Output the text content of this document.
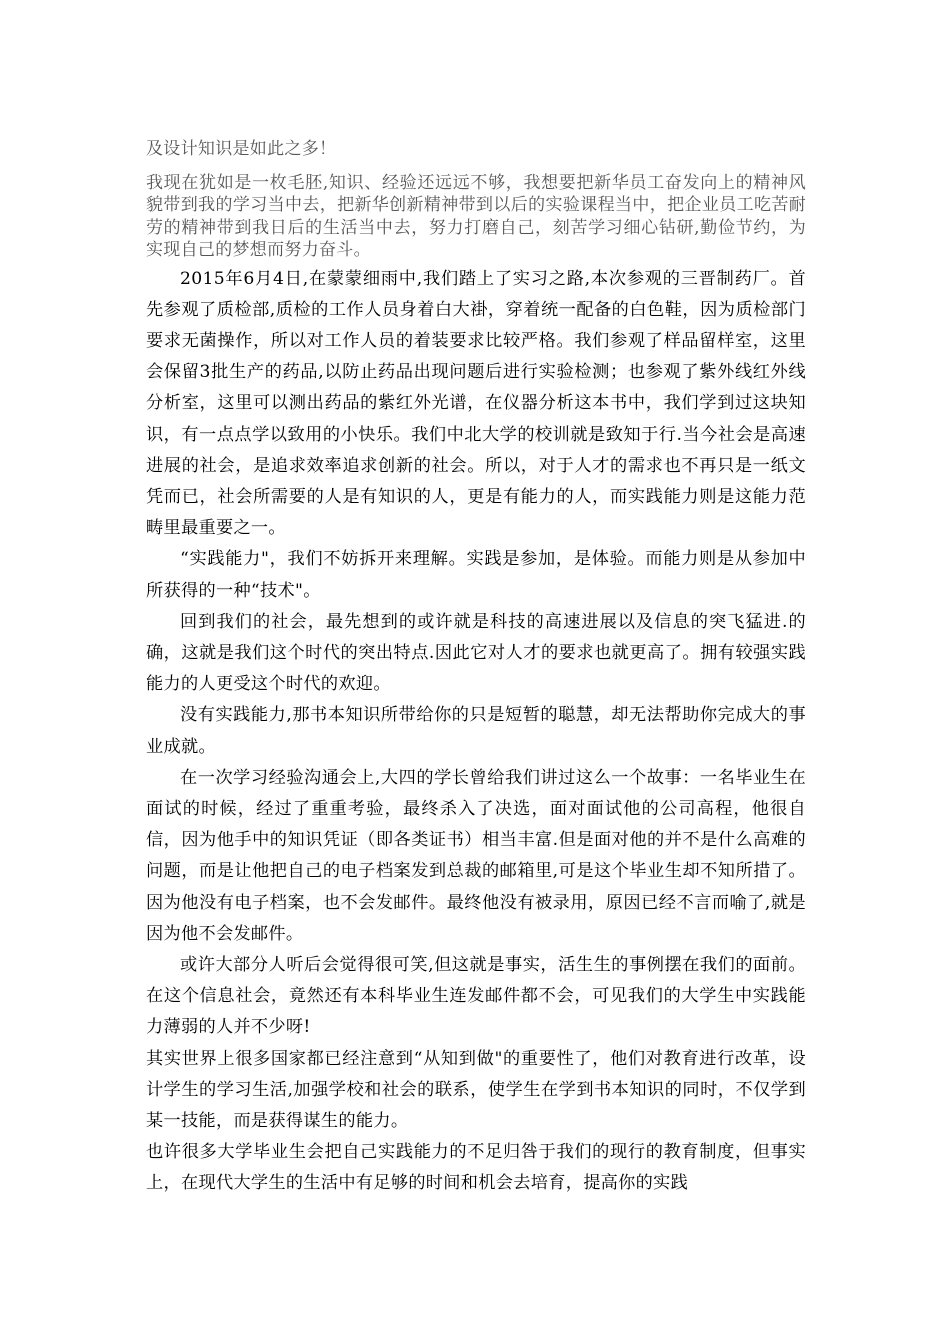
及设计知识是如此之多！

我现在犹如是一枚毛胚,知识、经验还远远不够，我想要把新华员工奋发向上的精神风貌带到我的学习当中去，把新华创新精神带到以后的实验课程当中，把企业员工吃苦耐劳的精神带到我日后的生活当中去，努力打磨自己，刻苦学习细心钻研,勤俭节约，为实现自己的梦想而努力奋斗。

2015年6月4日,在蒙蒙细雨中,我们踏上了实习之路,本次参观的三晋制药厂。首先参观了质检部,质检的工作人员身着白大褂，穿着统一配备的白色鞋，因为质检部门要求无菌操作，所以对工作人员的着装要求比较严格。我们参观了样品留样室，这里会保留3批生产的药品,以防止药品出现问题后进行实验检测；也参观了紫外线红外线分析室，这里可以测出药品的紫红外光谱，在仪器分析这本书中，我们学到过这块知识，有一点点学以致用的小快乐。我们中北大学的校训就是致知于行.当今社会是高速进展的社会，是追求效率追求创新的社会。所以，对于人才的需求也不再只是一纸文凭而已，社会所需要的人是有知识的人，更是有能力的人，而实践能力则是这能力范畴里最重要之一。

“实践能力"，我们不妨拆开来理解。实践是参加，是体验。而能力则是从参加中所获得的一种“技术"。

回到我们的社会，最先想到的或许就是科技的高速进展以及信息的突飞猛进.的确，这就是我们这个时代的突出特点.因此它对人才的要求也就更高了。拥有较强实践能力的人更受这个时代的欢迎。

没有实践能力,那书本知识所带给你的只是短暂的聪慧，却无法帮助你完成大的事业成就。

在一次学习经验沟通会上,大四的学长曾给我们讲过这么一个故事：一名毕业生在面试的时候，经过了重重考验，最终杀入了决选，面对面试他的公司高程，他很自信，因为他手中的知识凭证（即各类证书）相当丰富.但是面对他的并不是什么高难的问题，而是让他把自己的电子档案发到总裁的邮箱里,可是这个毕业生却不知所措了。因为他没有电子档案，也不会发邮件。最终他没有被录用，原因已经不言而喻了,就是因为他不会发邮件。

或许大部分人听后会觉得很可笑,但这就是事实，活生生的事例摆在我们的面前。在这个信息社会，竟然还有本科毕业生连发邮件都不会，可见我们的大学生中实践能力薄弱的人并不少呀!

其实世界上很多国家都已经注意到“从知到做"的重要性了，他们对教育进行改革，设计学生的学习生活,加强学校和社会的联系，使学生在学到书本知识的同时，不仅学到某一技能，而是获得谋生的能力。

也许很多大学毕业生会把自己实践能力的不足归咎于我们的现行的教育制度，但事实上，在现代大学生的生活中有足够的时间和机会去培育，提高你的实践
